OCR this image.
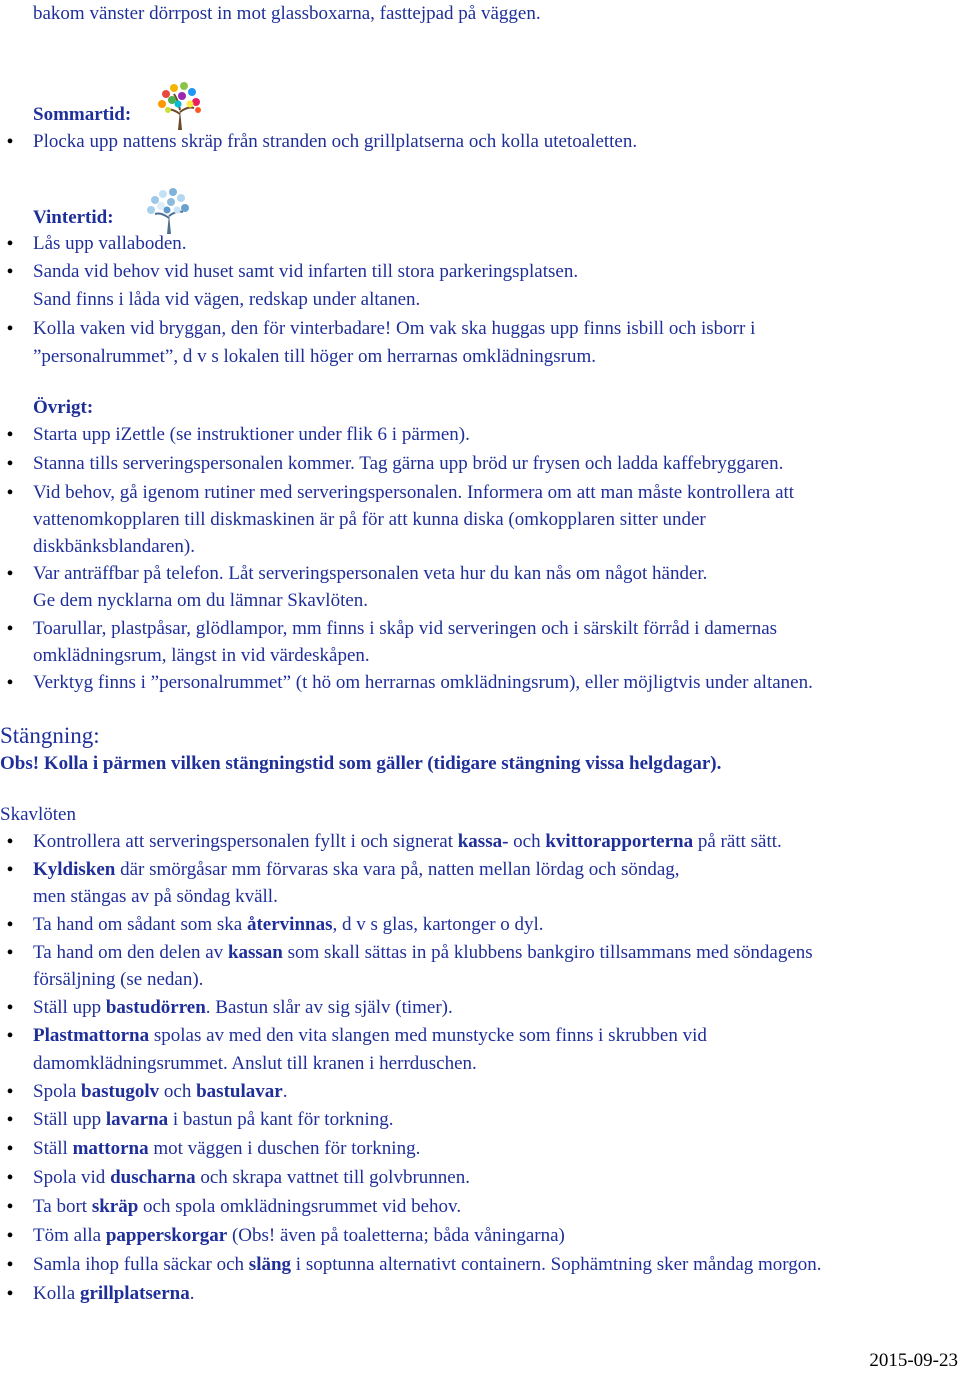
bakom vänster dörrpost in mot glassboxarna, fasttejpad på väggen.
Sommartid:
• Plocka upp nattens skräp från stranden och grillplatserna och kolla utetoaletten.
Vintertid:
• Lås upp vallaboden.
• Sanda vid behov vid huset samt vid infarten till stora parkeringsplatsen.
Sand finns i låda vid vägen, redskap under altanen.
• Kolla vaken vid bryggan, den för vinterbadare! Om vak ska huggas upp finns isbill och isborr i
”personalrummet”, d v s lokalen till höger om herrarnas omklädningsrum.
Övrigt:
• Starta upp iZettle (se instruktioner under flik 6 i pärmen).
• Stanna tills serveringspersonalen kommer. Tag gärna upp bröd ur frysen och ladda kaffebryggaren.
• Vid behov, gå igenom rutiner med serveringspersonalen. Informera om att man måste kontrollera att
vattenomkopplaren till diskmaskinen är på för att kunna diska (omkopplaren sitter under
diskbänksblandaren).
• Var anträffbar på telefon. Låt serveringspersonalen veta hur du kan nås om något händer.
Ge dem nycklarna om du lämnar Skavlöten.
• Toarullar, plastpåsar, glödlampor, mm finns i skåp vid serveringen och i särskilt förråd i damernas
omklädningsrum, längst in vid värdeskåpen.
• Verktyg finns i ”personalrummet” (t hö om herrarnas omklädningsrum), eller möjligtvis under altanen.
Stängning:
Obs! Kolla i pärmen vilken stängningstid som gäller (tidigare stängning vissa helgdagar).
Skavlöten
• Kontrollera att serveringspersonalen fyllt i och signerat kassa- och kvittorapporterna på rätt sätt.
• Kyldisken där smörgåsar mm förvaras ska vara på, natten mellan lördag och söndag,
men stängas av på söndag kväll.
• Ta hand om sådant som ska återvinnas, d v s glas, kartonger o dyl.
• Ta hand om den delen av kassan som skall sättas in på klubbens bankgiro tillsammans med söndagens
försäljning (se nedan).
• Ställ upp bastudörren. Bastun slår av sig själv (timer).
• Plastmattorna spolas av med den vita slangen med munstycke som finns i skrubben vid
damomklädningsrummet. Anslut till kranen i herrduschen.
• Spola bastugolv och bastulavar.
• Ställ upp lavarna i bastun på kant för torkning.
• Ställ mattorna mot väggen i duschen för torkning.
• Spola vid duscharna och skrapa vattnet till golvbrunnen.
• Ta bort skräp och spola omklädningsrummet vid behov.
• Töm alla papperskorgar (Obs! även på toaletterna; båda våningarna)
• Samla ihop fulla säckar och släng i soptunna alternativt containern. Sophämtning sker måndag morgon.
• Kolla grillplatserna.
2015-09-23
